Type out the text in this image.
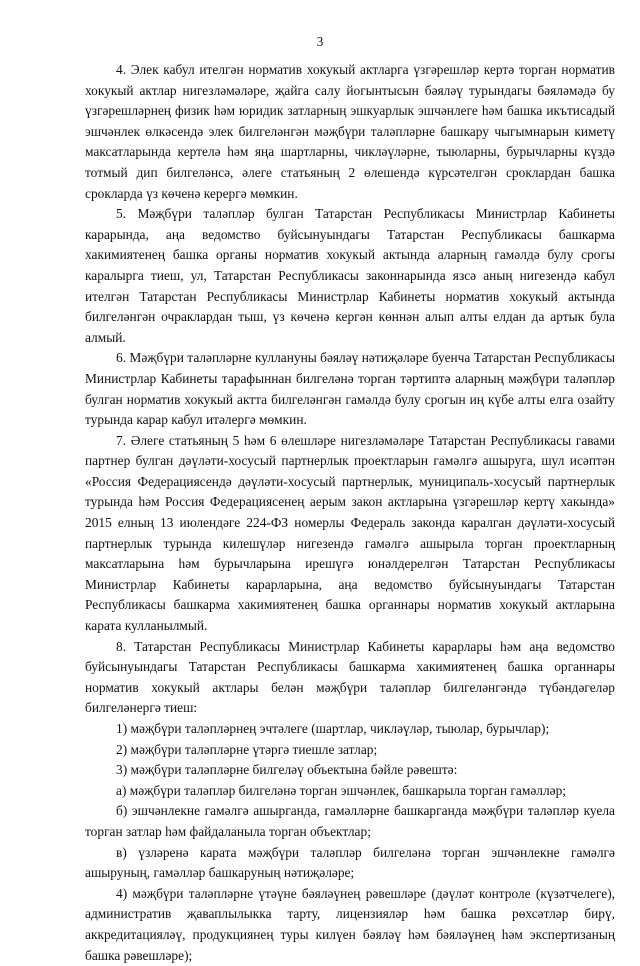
3

4. Элек кабул ителгән норматив хокукый актларга үзгәрешләр кертә торган норматив хокукый актлар нигезләмәләре, җайга салу йогынтысын бәяләү турындагы бәяләмәдә бу үзгәрешләрнең физик һәм юридик затларның эшкуарлык эшчәнлеге һәм башка икътисадый эшчәнлек өлкәсендә элек билгеләнгән мәҗбүри таләпләрне башкару чыгымнарын киметү максатларында кертелә һәм яңа шартларны, чикләүләрне, тыюларны, бурычларны күздә тотмый дип билгеләнсә, әлеге статьяның 2 өлешендә күрсәтелгән срoклардан башка срокларда үз көченә керергә мөмкин.

5. Мәҗбүри таләпләр булган Татарстан Республикасы Министрлар Кабинеты карарында, аңа ведомство буйсынуындагы Татарстан Республикасы башкарма хакимиятенең башка органы норматив хокукый актында аларның гамәлдә булу срогы каралырга тиеш, ул, Татарстан Республикасы законнарында язсә аның нигезендә кабул ителгән Татарстан Республикасы Министрлар Кабинеты норматив хокукый актында билгеләнгән очраклардан тыш, үз көченә кергән көннән алып алты елдан да артык була алмый.

6. Мәҗбүри таләпләрне куллануны бәяләү нәтиҗәләре буенча Татарстан Республикасы Министрлар Кабинеты тарафыннан билгеләнә торган тәртиптә аларның мәҗбүри таләпләр булган норматив хокукый актта билгеләнгән гамәлдә булу срогын иң күбе алты елга озайту турында карар кабул итәлергә мөмкин.

7. Әлеге статьяның 5 һәм 6 өлешләре нигезләмәләре Татарстан Республикасы гавами партнер булган дәүләти-хосусый партнерлык проектларын гамәлгә ашыруга, шул исәптән «Россия Федерациясендә дәүләти-хосусый партнерлык, муниципаль-хосусый партнерлык турында һәм Россия Федерациясенең аерым закон актларына үзгәрешләр кертү хакында» 2015 елның 13 июлендәге 224-ФЗ номерлы Федераль законда каралган дәүләти-хосусый партнерлык турында килешүләр нигезендә гамәлгә ашырыла торган проектларның максатларына һәм бурычларына ирешүгә юнәлдерелгән Татарстан Республикасы Министрлар Кабинеты карарларына, аңа ведомство буйсынуындагы Татарстан Республикасы башкарма хакимиятенең башка органнары норматив хокукый актларына карата кулланылмый.

8. Татарстан Республикасы Министрлар Кабинеты карарлары һәм аңа ведомство буйсынуындагы Татарстан Республикасы башкарма хакимиятенең башка органнары норматив хокукый актлары белән мәҗбүри таләпләр билгеләнгәндә түбәндәгеләр билгеләнергә тиеш:

1) мәҗбүри таләпләрнең эчтәлеге (шартлар, чикләүләр, тыюлар, бурычлар);

2) мәҗбүри таләпләрне үтәргә тиешле затлар;

3) мәҗбүри таләпләрне билгеләү объектына бәйле рәвештә:

а) мәҗбүри таләпләр билгеләнә торган эшчәнлек, башкарыла торган гамәлләр;

б) эшчәнлекне гамәлгә ашырганда, гамәлләрне башкарганда мәҗбүри таләпләр куела торган затлар һәм файдаланыла торган объектлар;

в) үзләренә карата мәҗбүри таләпләр билгеләнә торган эшчәнлекне гамәлгә ашыруның, гамәлләр башкаруның нәтиҗәләре;

4) мәҗбүри таләпләрне үтәүне бәяләүнең рәвешләре (дәүләт контроле (күзәтчелеге), административ җаваплылыкка тарту, лицензияләр һәм башка рөхсәтләр бирү, аккредитацияләү, продукциянең туры килүен бәяләү һәм бәяләүнең һәм экспертизаның башка рәвешләре);
